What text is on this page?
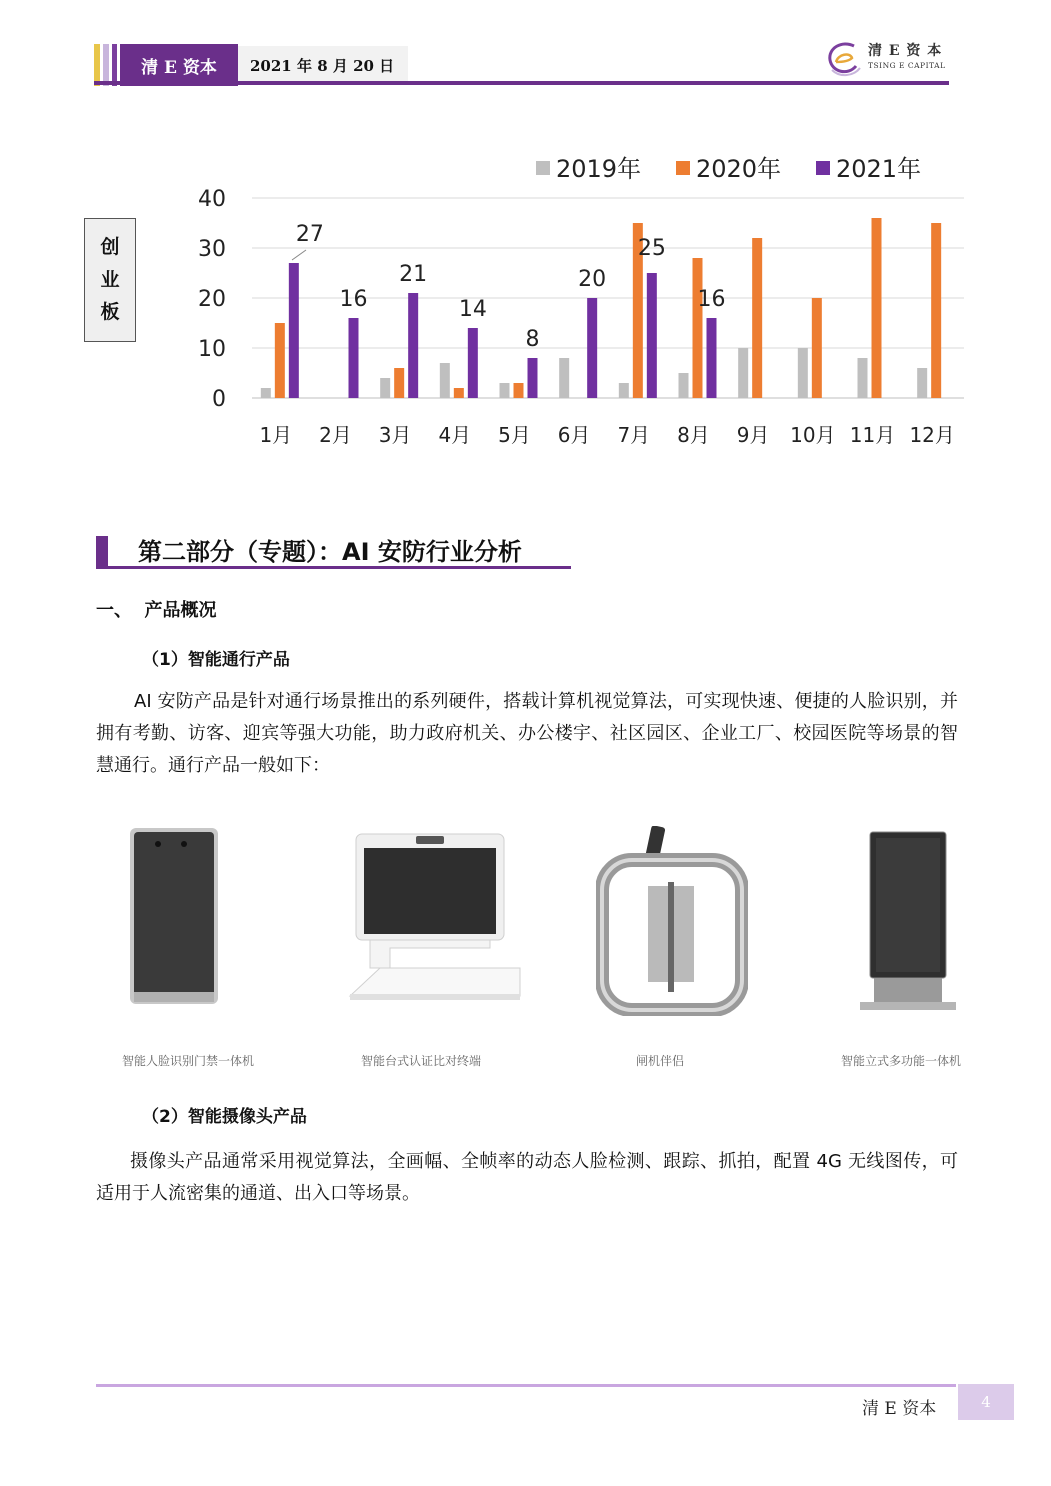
清 E 资本	2021 年 8 月 20 日
清 E 资 本
TSING E CAPITAL
创
业
板
0
10
20
30
40
1月 2月 3月 4月 5月 6月 7月 8月 9月 10月 11月 12月
27
16
21
14
8
20
25
16
2019年 2020年 2021年
第二部分（专题）：AI 安防行业分析
一、  产品概况
（1）智能通行产品
AI 安防产品是针对通行场景推出的系列硬件，搭载计算机视觉算法，可实现快速、便捷的人脸识别，并拥有考勤、访客、迎宾等强大功能，助力政府机关、办公楼宇、社区园区、企业工厂、校园医院等场景的智慧通行。通行产品一般如下：
智能人脸识别门禁一体机	智能台式认证比对终端	闸机伴侣	智能立式多功能一体机
（2）智能摄像头产品
摄像头产品通常采用视觉算法，全画幅、全帧率的动态人脸检测、跟踪、抓拍，配置 4G 无线图传，可适用于人流密集的通道、出入口等场景。
清 E 资本	4
